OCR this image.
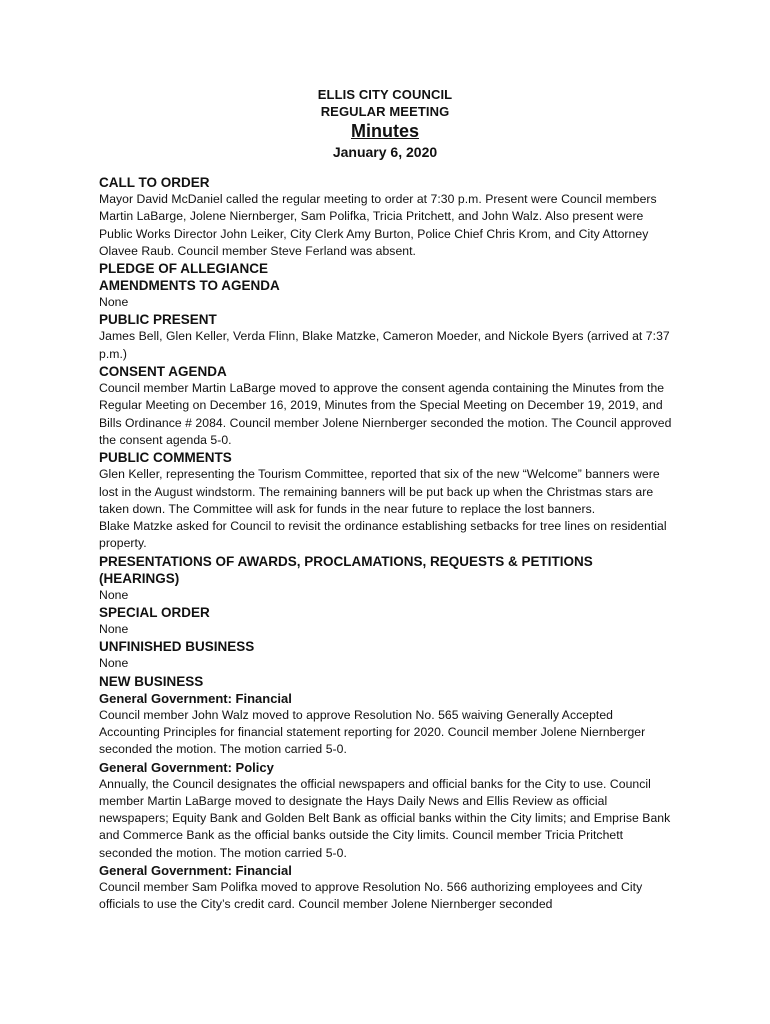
ELLIS CITY COUNCIL
REGULAR MEETING
Minutes
January 6, 2020

CALL TO ORDER

Mayor David McDaniel called the regular meeting to order at 7:30 p.m. Present were Council members Martin LaBarge, Jolene Niernberger, Sam Polifka, Tricia Pritchett, and John Walz. Also present were Public Works Director John Leiker, City Clerk Amy Burton, Police Chief Chris Krom, and City Attorney Olavee Raub. Council member Steve Ferland was absent.

PLEDGE OF ALLEGIANCE

AMENDMENTS TO AGENDA

None

PUBLIC PRESENT

James Bell, Glen Keller, Verda Flinn, Blake Matzke, Cameron Moeder, and Nickole Byers (arrived at 7:37 p.m.)

CONSENT AGENDA

Council member Martin LaBarge moved to approve the consent agenda containing the Minutes from the Regular Meeting on December 16, 2019, Minutes from the Special Meeting on December 19, 2019, and Bills Ordinance # 2084. Council member Jolene Niernberger seconded the motion. The Council approved the consent agenda 5-0.

PUBLIC COMMENTS

Glen Keller, representing the Tourism Committee, reported that six of the new “Welcome” banners were lost in the August windstorm. The remaining banners will be put back up when the Christmas stars are taken down. The Committee will ask for funds in the near future to replace the lost banners.

Blake Matzke asked for Council to revisit the ordinance establishing setbacks for tree lines on residential property.

PRESENTATIONS OF AWARDS, PROCLAMATIONS, REQUESTS & PETITIONS (HEARINGS)

None

SPECIAL ORDER

None

UNFINISHED BUSINESS

None

NEW BUSINESS

General Government: Financial

Council member John Walz moved to approve Resolution No. 565 waiving Generally Accepted Accounting Principles for financial statement reporting for 2020. Council member Jolene Niernberger seconded the motion. The motion carried 5-0.

General Government: Policy

Annually, the Council designates the official newspapers and official banks for the City to use. Council member Martin LaBarge moved to designate the Hays Daily News and Ellis Review as official newspapers; Equity Bank and Golden Belt Bank as official banks within the City limits; and Emprise Bank and Commerce Bank as the official banks outside the City limits. Council member Tricia Pritchett seconded the motion. The motion carried 5-0.

General Government: Financial

Council member Sam Polifka moved to approve Resolution No. 566 authorizing employees and City officials to use the City’s credit card. Council member Jolene Niernberger seconded
